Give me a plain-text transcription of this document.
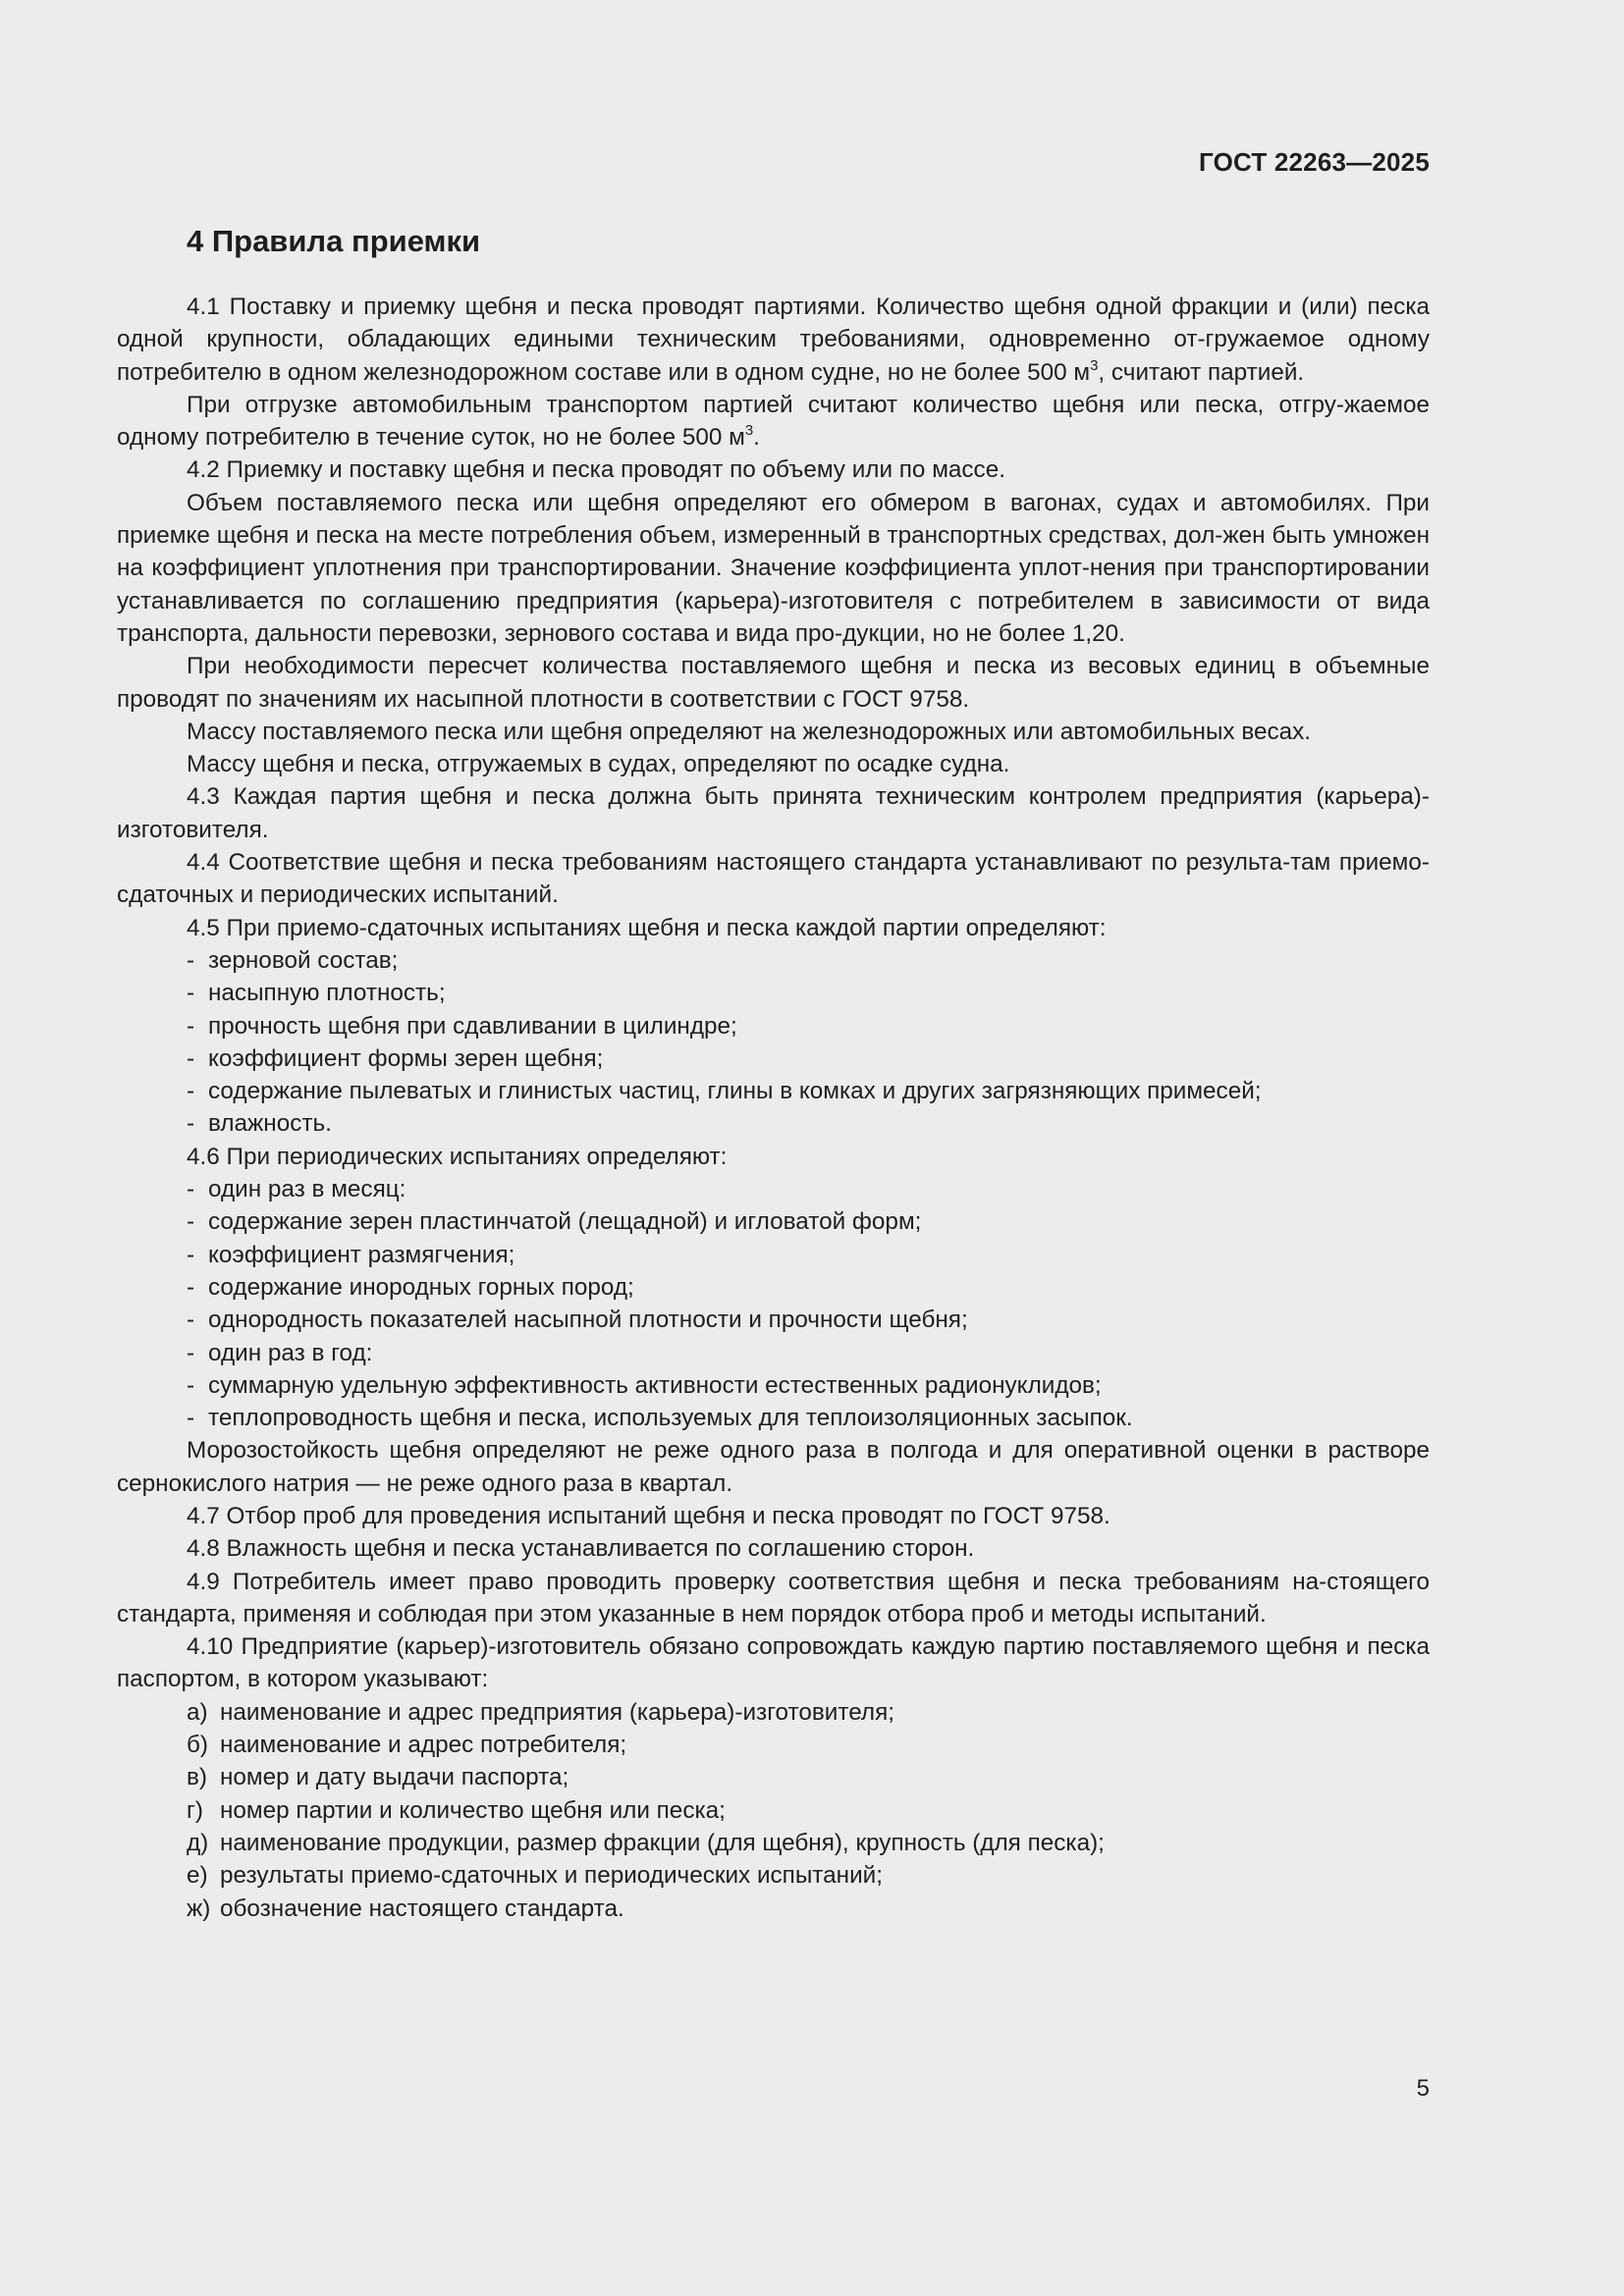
ГОСТ 22263—2025
4 Правила приемки

4.1 Поставку и приемку щебня и песка проводят партиями. Количество щебня одной фракции и (или) песка одной крупности, обладающих едиными техническим требованиями, одновременно от-гружаемое одному потребителю в одном железнодорожном составе или в одном судне, но не более 500 $м^3$, считают партией.

При отгрузке автомобильным транспортом партией считают количество щебня или песка, отгру-жаемое одному потребителю в течение суток, но не более 500 $м^3$.

4.2 Приемку и поставку щебня и песка проводят по объему или по массе.

Объем поставляемого песка или щебня определяют его обмером в вагонах, судах и автомобилях. При приемке щебня и песка на месте потребления объем, измеренный в транспортных средствах, дол-жен быть умножен на коэффициент уплотнения при транспортировании. Значение коэффициента уплот-нения при транспортировании устанавливается по соглашению предприятия (карьера)-изготовителя с потребителем в зависимости от вида транспорта, дальности перевозки, зернового состава и вида про-дукции, но не более 1,20.

При необходимости пересчет количества поставляемого щебня и песка из весовых единиц в объемные проводят по значениям их насыпной плотности в соответствии с ГОСТ 9758.

Массу поставляемого песка или щебня определяют на железнодорожных или автомобильных весах.

Массу щебня и песка, отгружаемых в судах, определяют по осадке судна.

4.3 Каждая партия щебня и песка должна быть принята техническим контролем предприятия (карьера)-изготовителя.

4.4 Соответствие щебня и песка требованиям настоящего стандарта устанавливают по результа-там приемо-сдаточных и периодических испытаний.

4.5 При приемо-сдаточных испытаниях щебня и песка каждой партии определяют:

- зерновой состав;
- насыпную плотность;
- прочность щебня при сдавливании в цилиндре;
- коэффициент формы зерен щебня;
- содержание пылеватых и глинистых частиц, глины в комках и других загрязняющих примесей;
- влажность.

4.6 При периодических испытаниях определяют:

- один раз в месяц:
- содержание зерен пластинчатой (лещадной) и игловатой форм;
- коэффициент размягчения;
- содержание инородных горных пород;
- однородность показателей насыпной плотности и прочности щебня;
- один раз в год:
- суммарную удельную эффективность активности естественных радионуклидов;
- теплопроводность щебня и песка, используемых для теплоизоляционных засыпок.

Морозостойкость щебня определяют не реже одного раза в полгода и для оперативной оценки в растворе сернокислого натрия — не реже одного раза в квартал.

4.7 Отбор проб для проведения испытаний щебня и песка проводят по ГОСТ 9758.

4.8 Влажность щебня и песка устанавливается по соглашению сторон.

4.9 Потребитель имеет право проводить проверку соответствия щебня и песка требованиям на-стоящего стандарта, применяя и соблюдая при этом указанные в нем порядок отбора проб и методы испытаний.

4.10 Предприятие (карьер)-изготовитель обязано сопровождать каждую партию поставляемого щебня и песка паспортом, в котором указывают:

а) наименование и адрес предприятия (карьера)-изготовителя;
б) наименование и адрес потребителя;
в) номер и дату выдачи паспорта;
г) номер партии и количество щебня или песка;
д) наименование продукции, размер фракции (для щебня), крупность (для песка);
е) результаты приемо-сдаточных и периодических испытаний;
ж) обозначение настоящего стандарта.
5
